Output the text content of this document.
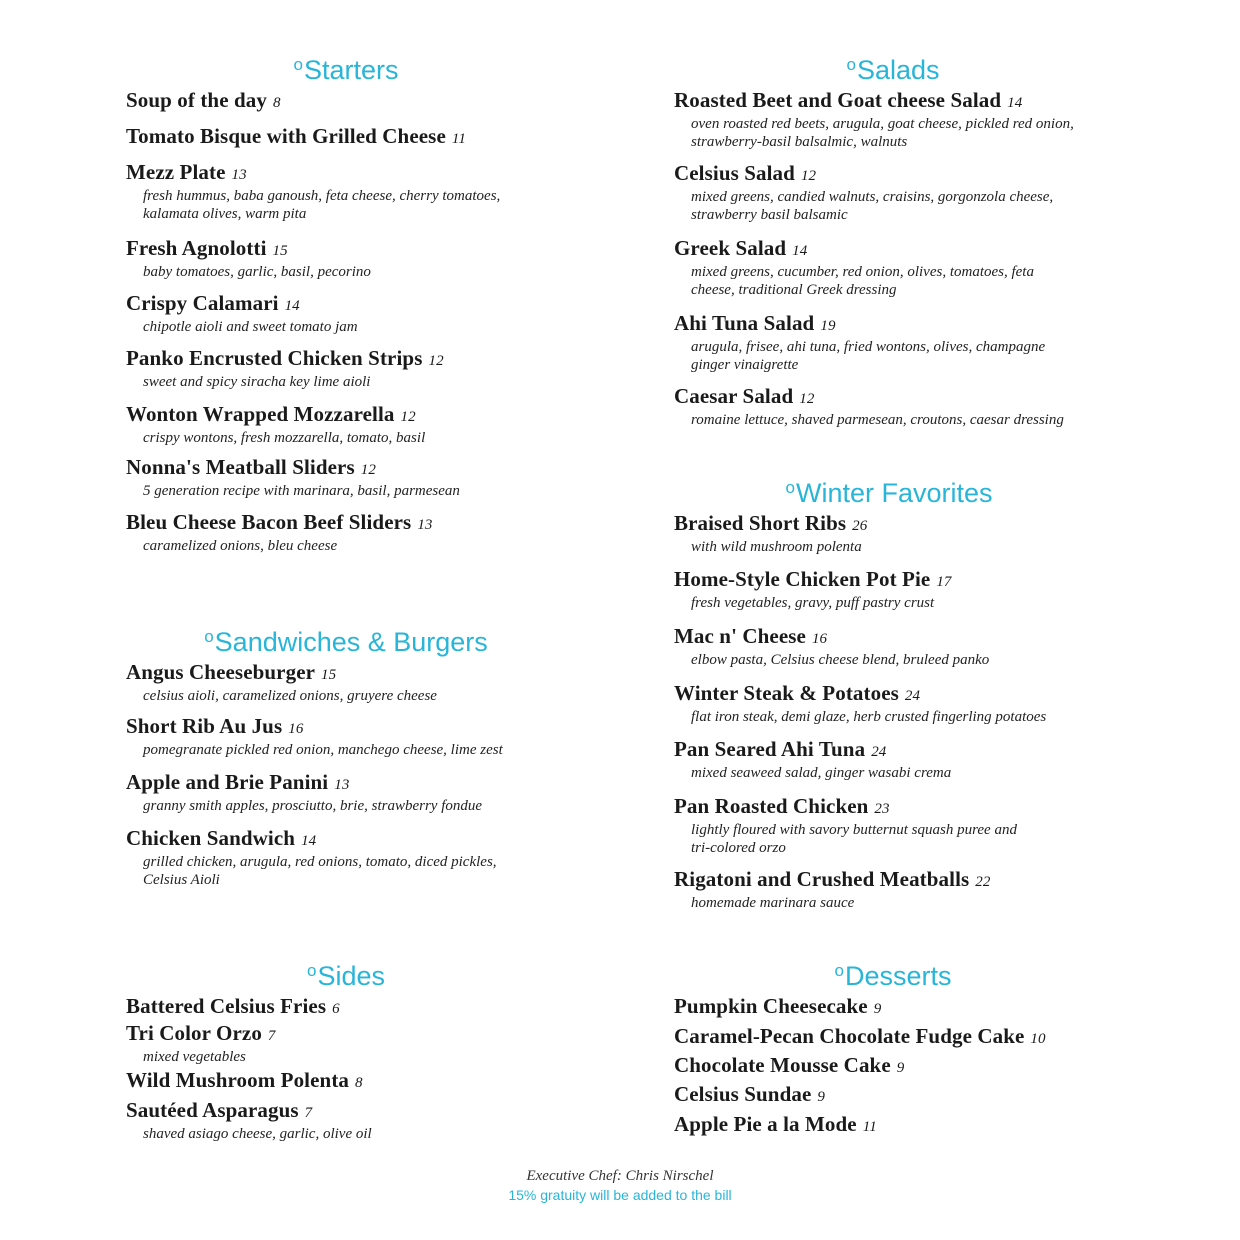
Executive Chef: Chris Nirschel
15% gratuity will be added to the bill
$^o$Starters
Soup of the day 8
Tomato Bisque with Grilled Cheese 11
Mezz Plate 13
fresh hummus, baba ganoush, feta cheese, cherry tomatoes,
kalamata olives, warm pita
Fresh Agnolotti 15
baby tomatoes, garlic, basil, pecorino
Crispy Calamari 14
chipotle aioli and sweet tomato jam
Panko Encrusted Chicken Strips 12
sweet and spicy siracha key lime aioli
Wonton Wrapped Mozzarella 12
crispy wontons, fresh mozzarella, tomato, basil
Nonna's Meatball Sliders 12
5 generation recipe with marinara, basil, parmesean
Bleu Cheese Bacon Beef Sliders 13
caramelized onions, bleu cheese
$^o$Salads
Roasted Beet and Goat cheese Salad 14
oven roasted red beets, arugula, goat cheese, pickled red onion,
strawberry-basil balsalmic, walnuts
Celsius Salad 12
mixed greens, candied walnuts, craisins, gorgonzola cheese,
strawberry basil balsamic
Greek Salad 14
mixed greens, cucumber, red onion, olives, tomatoes, feta
cheese, traditional Greek dressing
Ahi Tuna Salad 19
arugula, frisee, ahi tuna, fried wontons, olives, champagne
ginger vinaigrette
Caesar Salad 12
romaine lettuce, shaved parmesean, croutons, caesar dressing
$^o$Sandwiches & Burgers
Angus Cheeseburger 15
celsius aioli, caramelized onions, gruyere cheese
Short Rib Au Jus 16
pomegranate pickled red onion, manchego cheese, lime zest
Apple and Brie Panini 13
granny smith apples, prosciutto, brie, strawberry fondue
Chicken Sandwich 14
grilled chicken, arugula, red onions, tomato, diced pickles,
Celsius Aioli
$^o$Winter Favorites
Braised Short Ribs 26
with wild mushroom polenta
Home-Style Chicken Pot Pie 17
fresh vegetables, gravy, puff pastry crust
Mac n' Cheese 16
elbow pasta, Celsius cheese blend, bruleed panko
Winter Steak & Potatoes 24
flat iron steak, demi glaze, herb crusted fingerling potatoes
Pan Seared Ahi Tuna 24
mixed seaweed salad, ginger wasabi crema
Pan Roasted Chicken 23
lightly floured with savory butternut squash puree and
tri-colored orzo
Rigatoni and Crushed Meatballs 22
homemade marinara sauce
$^o$Sides
Battered Celsius Fries 6
Tri Color Orzo 7
mixed vegetables
Wild Mushroom Polenta 8
Sautéed Asparagus 7
shaved asiago cheese, garlic, olive oil
$^o$Desserts
Pumpkin Cheesecake 9
Caramel-Pecan Chocolate Fudge Cake 10
Chocolate Mousse Cake 9
Celsius Sundae 9
Apple Pie a la Mode 11
